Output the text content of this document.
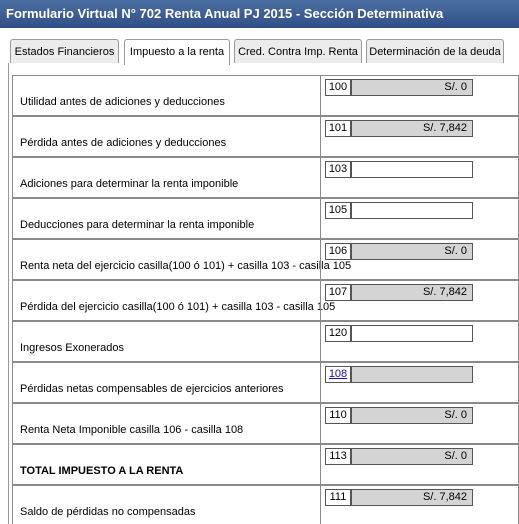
Formulario Virtual N° 702 Renta Anual PJ 2015 - Sección Determinativa
Estados Financieros	Impuesto a la renta	Cred. Contra Imp. Renta	Determinación de la deuda
Utilidad antes de adiciones y deducciones
100	S/. 0
Pérdida antes de adiciones y deducciones
101	S/. 7,842
Adiciones para determinar la renta imponible
103
Deducciones para determinar la renta imponible
105
Renta neta del ejercicio casilla(100 ó 101) + casilla 103 - casilla 105
106	S/. 0
Pérdida del ejercicio casilla(100 ó 101) + casilla 103 - casilla 105
107	S/. 7,842
Ingresos Exonerados
120
Pérdidas netas compensables de ejercicios anteriores
108
Renta Neta Imponible casilla 106 - casilla 108
110	S/. 0
TOTAL IMPUESTO A LA RENTA
113	S/. 0
Saldo de pérdidas no compensadas
111	S/. 7,842
